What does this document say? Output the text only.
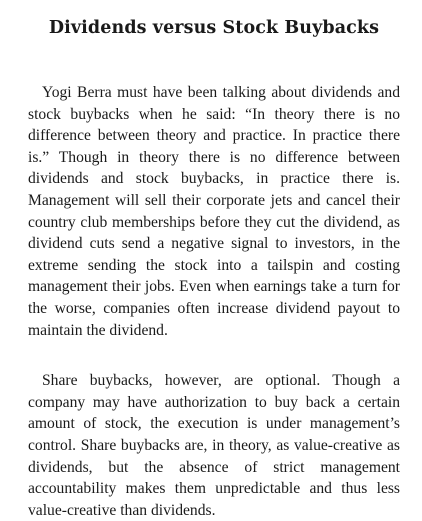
Dividends versus Stock Buybacks

Yogi Berra must have been talking about dividends and stock buybacks when he said: “In theory there is no difference between theory and practice. In practice there is.” Though in theory there is no difference between dividends and stock buybacks, in practice there is. Management will sell their corporate jets and cancel their country club memberships before they cut the dividend, as dividend cuts send a negative signal to investors, in the extreme sending the stock into a tailspin and costing management their jobs. Even when earnings take a turn for the worse, companies often increase dividend payout to maintain the dividend.

Share buybacks, however, are optional. Though a company may have authorization to buy back a certain amount of stock, the execution is under management’s control. Share buybacks are, in theory, as value-creative as dividends, but the absence of strict management accountability makes them unpredictable and thus less value-creative than dividends.
